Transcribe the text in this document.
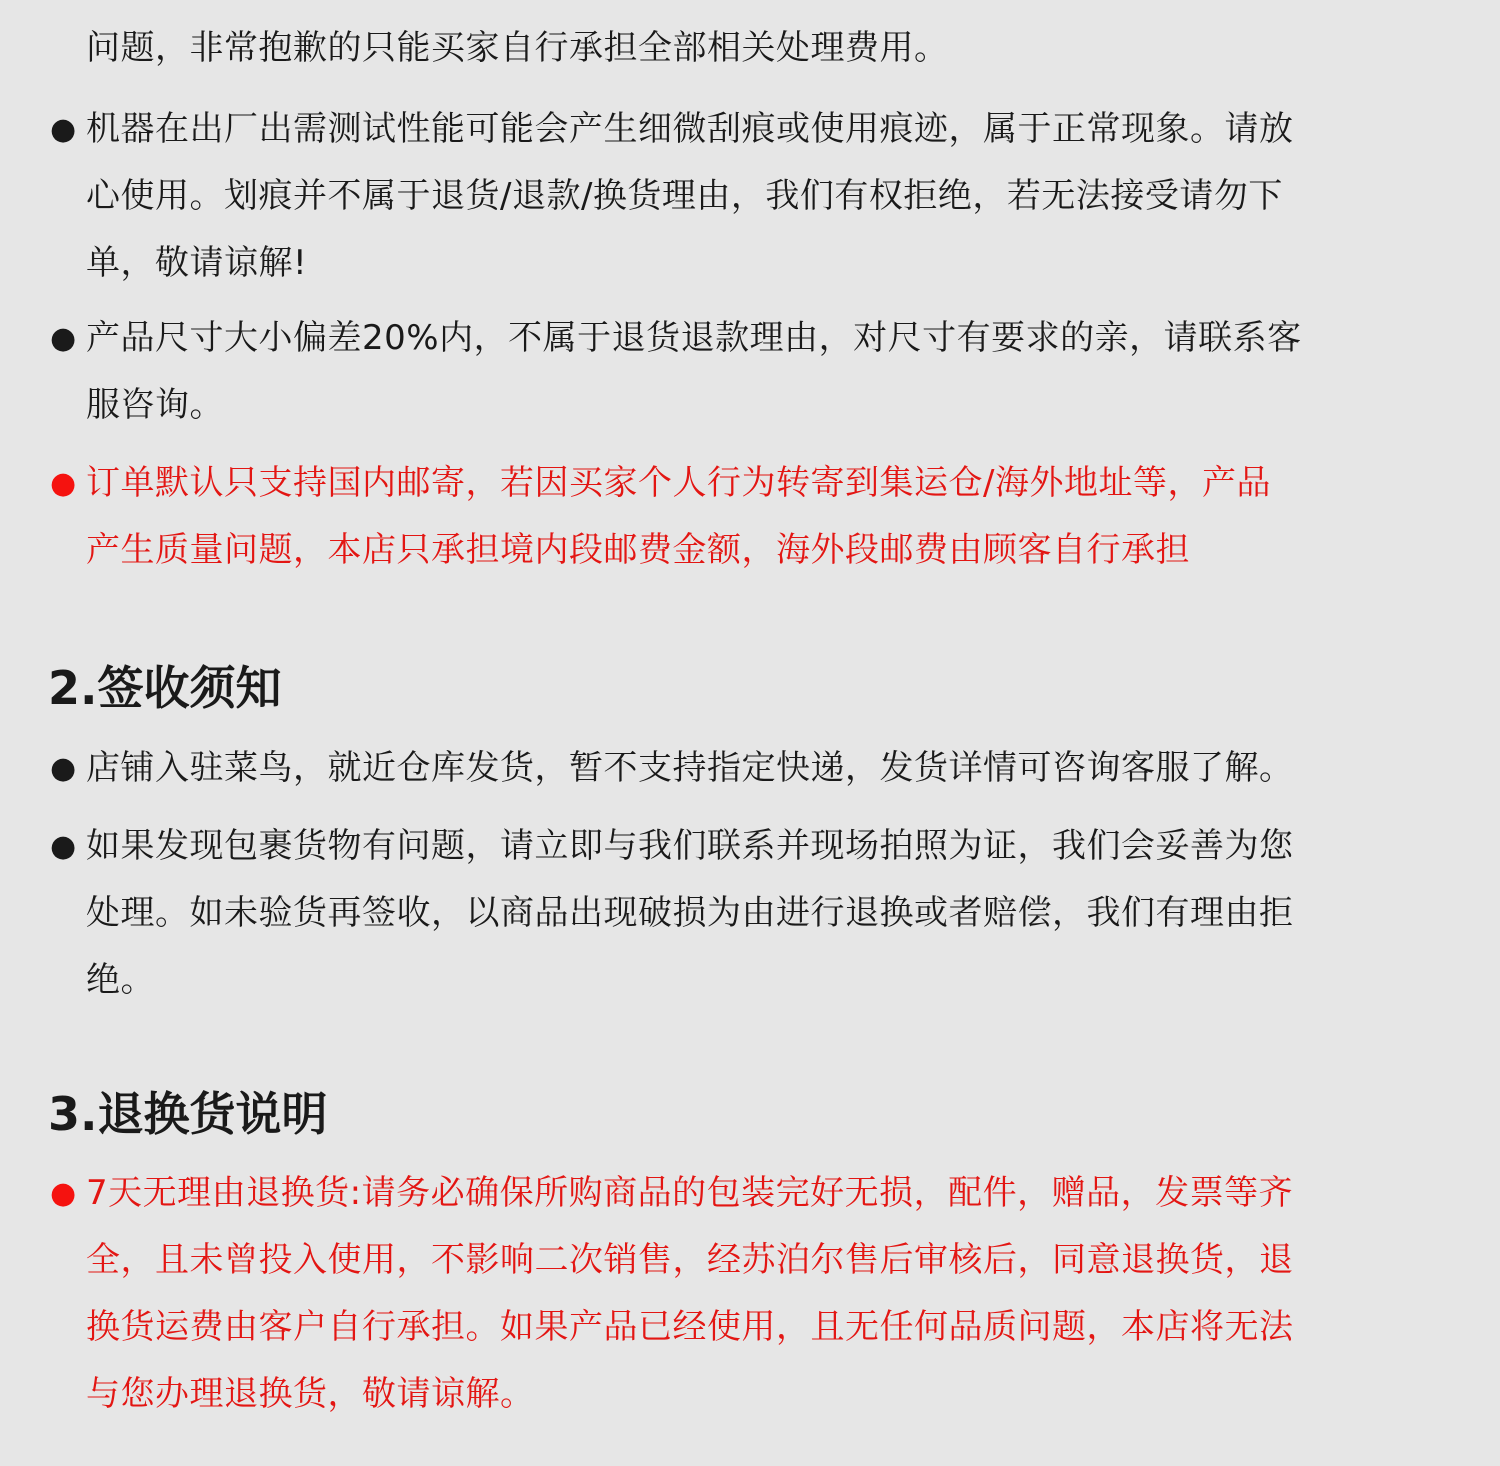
问题，非常抱歉的只能买家自行承担全部相关处理费用。

● 机器在出厂出需测试性能可能会产生细微刮痕或使用痕迹，属于正常现象。请放
心使用。划痕并不属于退货/退款/换货理由，我们有权拒绝，若无法接受请勿下
单，敬请谅解!

● 产品尺寸大小偏差20%内，不属于退货退款理由，对尺寸有要求的亲，请联系客
服咨询。

● 订单默认只支持国内邮寄，若因买家个人行为转寄到集运仓/海外地址等，产品
产生质量问题，本店只承担境内段邮费金额，海外段邮费由顾客自行承担

2.签收须知

● 店铺入驻菜鸟，就近仓库发货，暂不支持指定快递，发货详情可咨询客服了解。

● 如果发现包裹货物有问题，请立即与我们联系并现场拍照为证，我们会妥善为您
处理。如未验货再签收，以商品出现破损为由进行退换或者赔偿，我们有理由拒
绝。

3.退换货说明

● 7天无理由退换货:请务必确保所购商品的包装完好无损，配件，赠品，发票等齐
全，且未曾投入使用，不影响二次销售，经苏泊尔售后审核后，同意退换货，退
换货运费由客户自行承担。如果产品已经使用，且无任何品质问题，本店将无法
与您办理退换货，敬请谅解。
